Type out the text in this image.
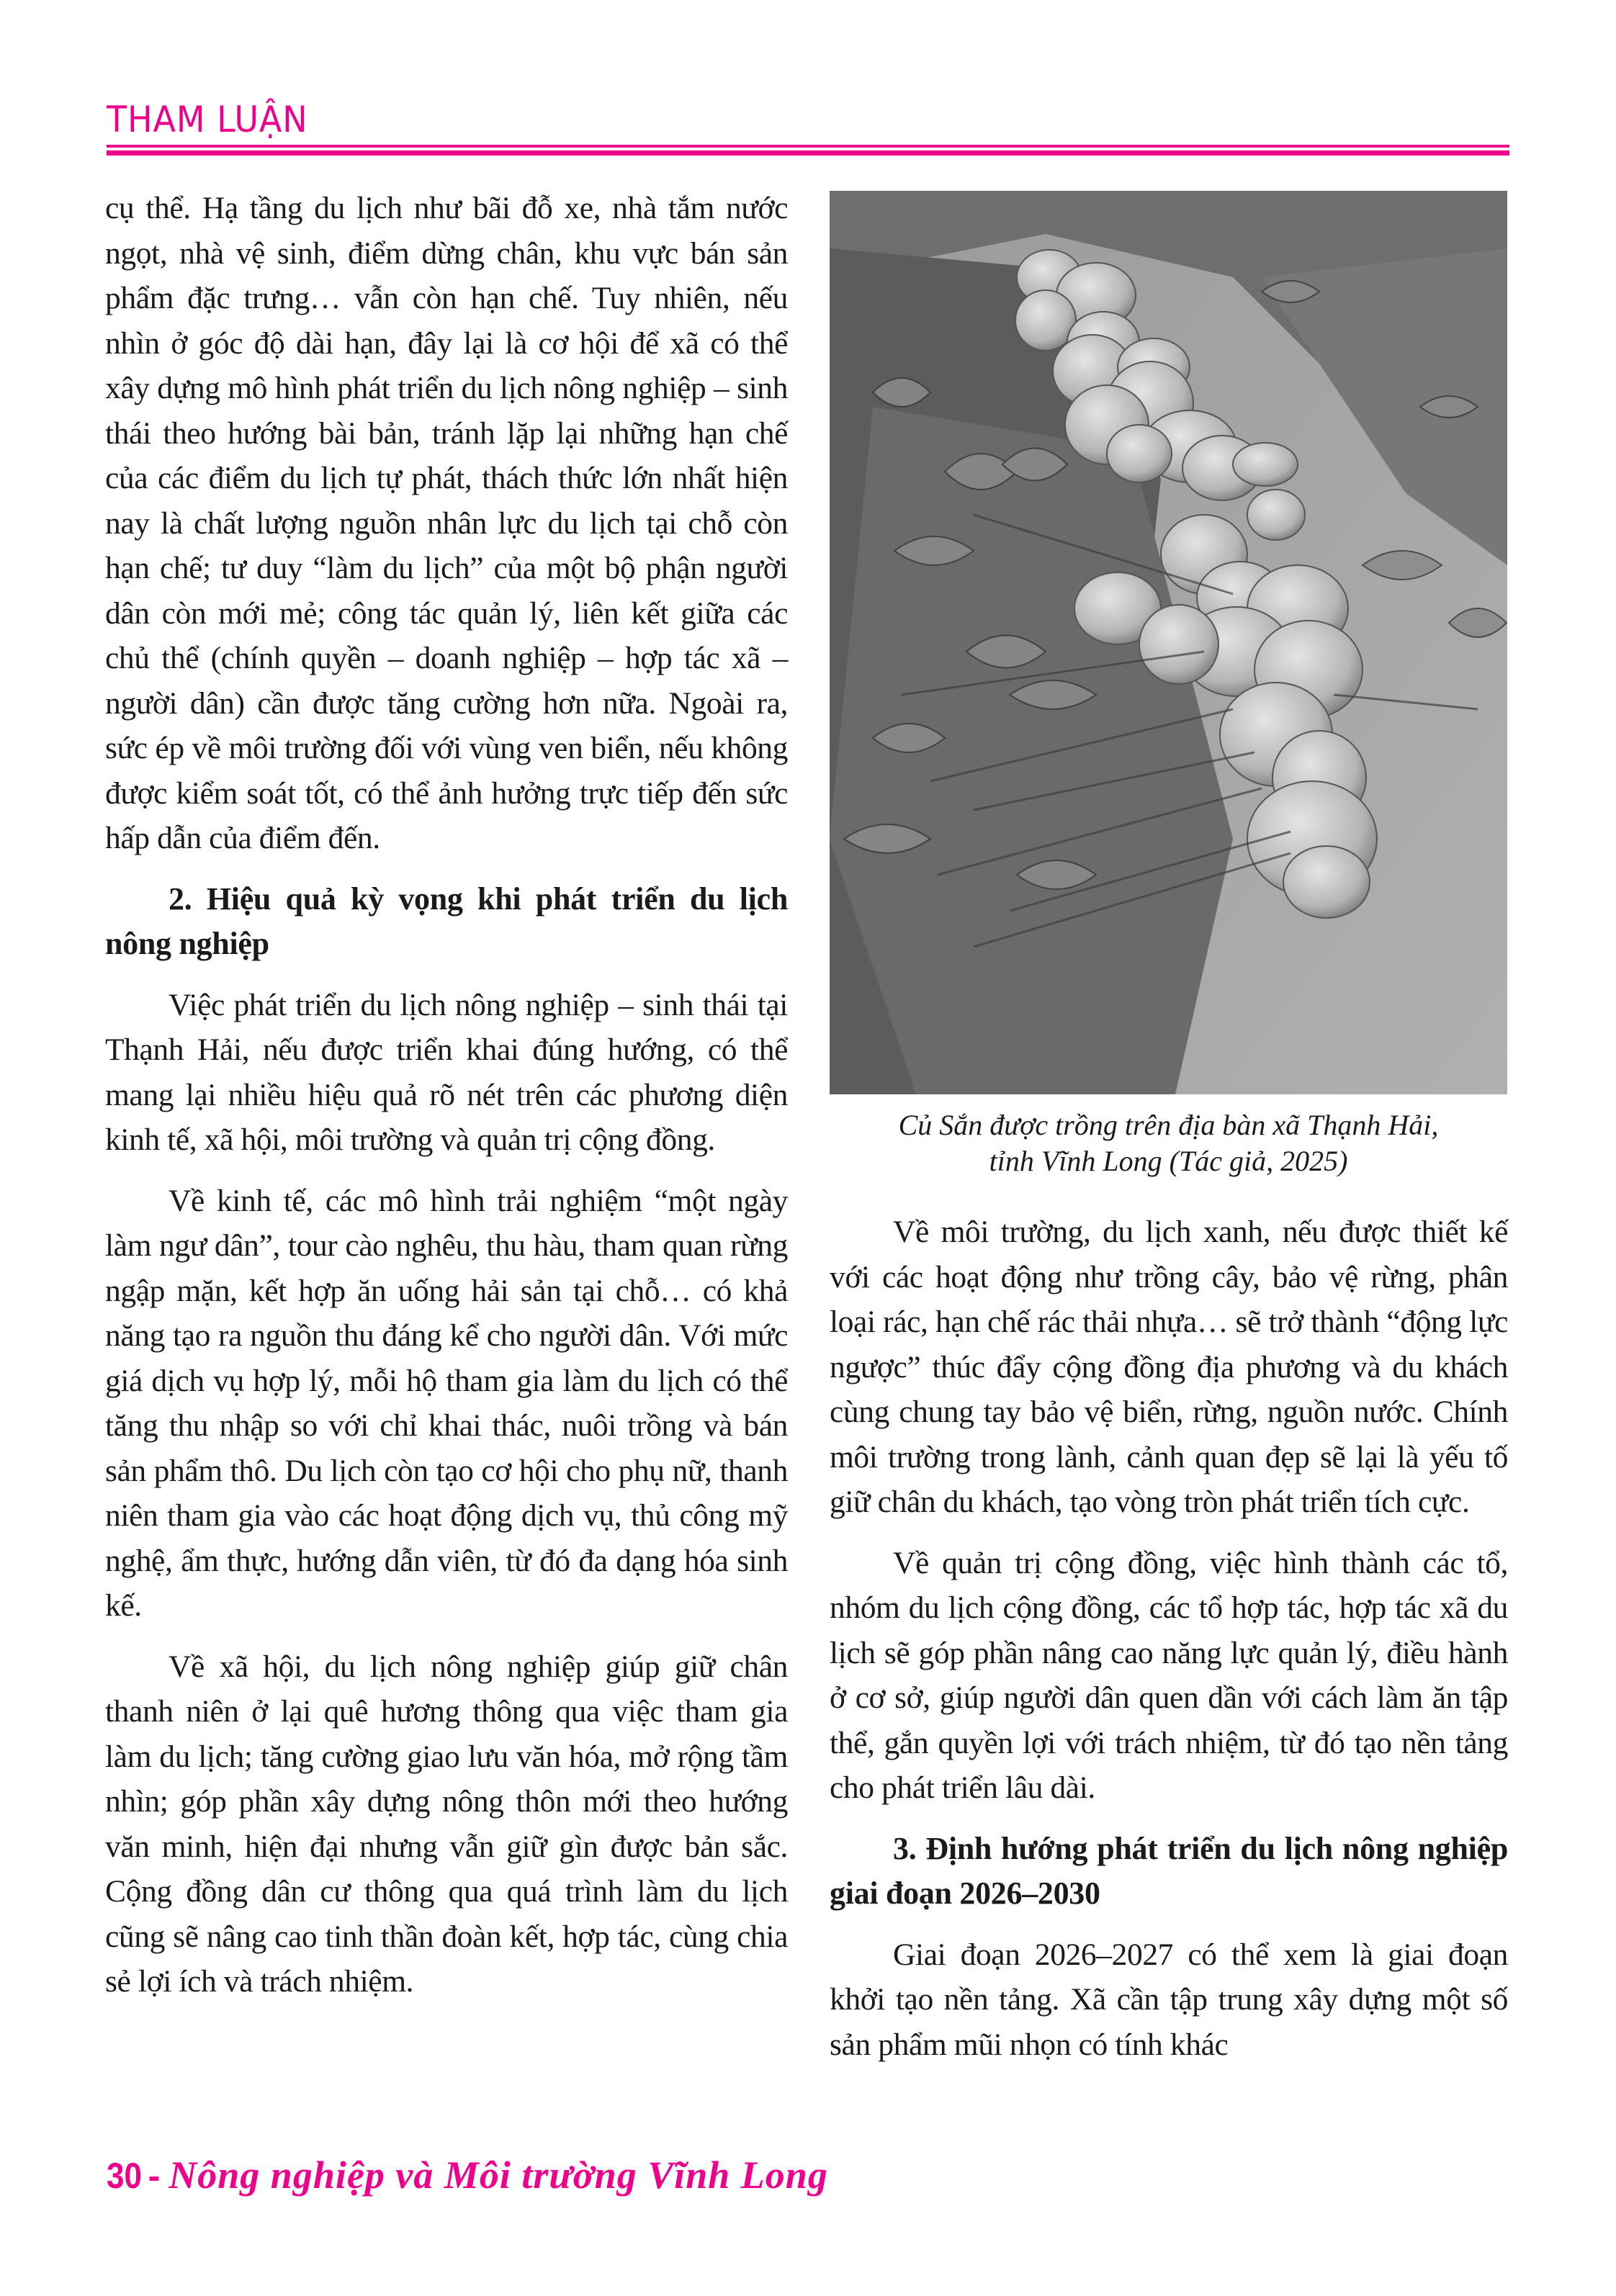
THAM LUẬN

cụ thể. Hạ tầng du lịch như bãi đỗ xe, nhà tắm nước ngọt, nhà vệ sinh, điểm dừng chân, khu vực bán sản phẩm đặc trưng… vẫn còn hạn chế. Tuy nhiên, nếu nhìn ở góc độ dài hạn, đây lại là cơ hội để xã có thể xây dựng mô hình phát triển du lịch nông nghiệp – sinh thái theo hướng bài bản, tránh lặp lại những hạn chế của các điểm du lịch tự phát, thách thức lớn nhất hiện nay là chất lượng nguồn nhân lực du lịch tại chỗ còn hạn chế; tư duy “làm du lịch” của một bộ phận người dân còn mới mẻ; công tác quản lý, liên kết giữa các chủ thể (chính quyền – doanh nghiệp – hợp tác xã – người dân) cần được tăng cường hơn nữa. Ngoài ra, sức ép về môi trường đối với vùng ven biển, nếu không được kiểm soát tốt, có thể ảnh hưởng trực tiếp đến sức hấp dẫn của điểm đến.

2. Hiệu quả kỳ vọng khi phát triển du lịch nông nghiệp

Việc phát triển du lịch nông nghiệp – sinh thái tại Thạnh Hải, nếu được triển khai đúng hướng, có thể mang lại nhiều hiệu quả rõ nét trên các phương diện kinh tế, xã hội, môi trường và quản trị cộng đồng.

Về kinh tế, các mô hình trải nghiệm “một ngày làm ngư dân”, tour cào nghêu, thu hàu, tham quan rừng ngập mặn, kết hợp ăn uống hải sản tại chỗ… có khả năng tạo ra nguồn thu đáng kể cho người dân. Với mức giá dịch vụ hợp lý, mỗi hộ tham gia làm du lịch có thể tăng thu nhập so với chỉ khai thác, nuôi trồng và bán sản phẩm thô. Du lịch còn tạo cơ hội cho phụ nữ, thanh niên tham gia vào các hoạt động dịch vụ, thủ công mỹ nghệ, ẩm thực, hướng dẫn viên, từ đó đa dạng hóa sinh kế.

Về xã hội, du lịch nông nghiệp giúp giữ chân thanh niên ở lại quê hương thông qua việc tham gia làm du lịch; tăng cường giao lưu văn hóa, mở rộng tầm nhìn; góp phần xây dựng nông thôn mới theo hướng văn minh, hiện đại nhưng vẫn giữ gìn được bản sắc. Cộng đồng dân cư thông qua quá trình làm du lịch cũng sẽ nâng cao tinh thần đoàn kết, hợp tác, cùng chia sẻ lợi ích và trách nhiệm.

Củ Sắn được trồng trên địa bàn xã Thạnh Hải,
tỉnh Vĩnh Long (Tác giả, 2025)

Về môi trường, du lịch xanh, nếu được thiết kế với các hoạt động như trồng cây, bảo vệ rừng, phân loại rác, hạn chế rác thải nhựa… sẽ trở thành “động lực ngược” thúc đẩy cộng đồng địa phương và du khách cùng chung tay bảo vệ biển, rừng, nguồn nước. Chính môi trường trong lành, cảnh quan đẹp sẽ lại là yếu tố giữ chân du khách, tạo vòng tròn phát triển tích cực.

Về quản trị cộng đồng, việc hình thành các tổ, nhóm du lịch cộng đồng, các tổ hợp tác, hợp tác xã du lịch sẽ góp phần nâng cao năng lực quản lý, điều hành ở cơ sở, giúp người dân quen dần với cách làm ăn tập thể, gắn quyền lợi với trách nhiệm, từ đó tạo nền tảng cho phát triển lâu dài.

3. Định hướng phát triển du lịch nông nghiệp giai đoạn 2026–2030

Giai đoạn 2026–2027 có thể xem là giai đoạn khởi tạo nền tảng. Xã cần tập trung xây dựng một số sản phẩm mũi nhọn có tính khác

30 - Nông nghiệp và Môi trường Vĩnh Long
